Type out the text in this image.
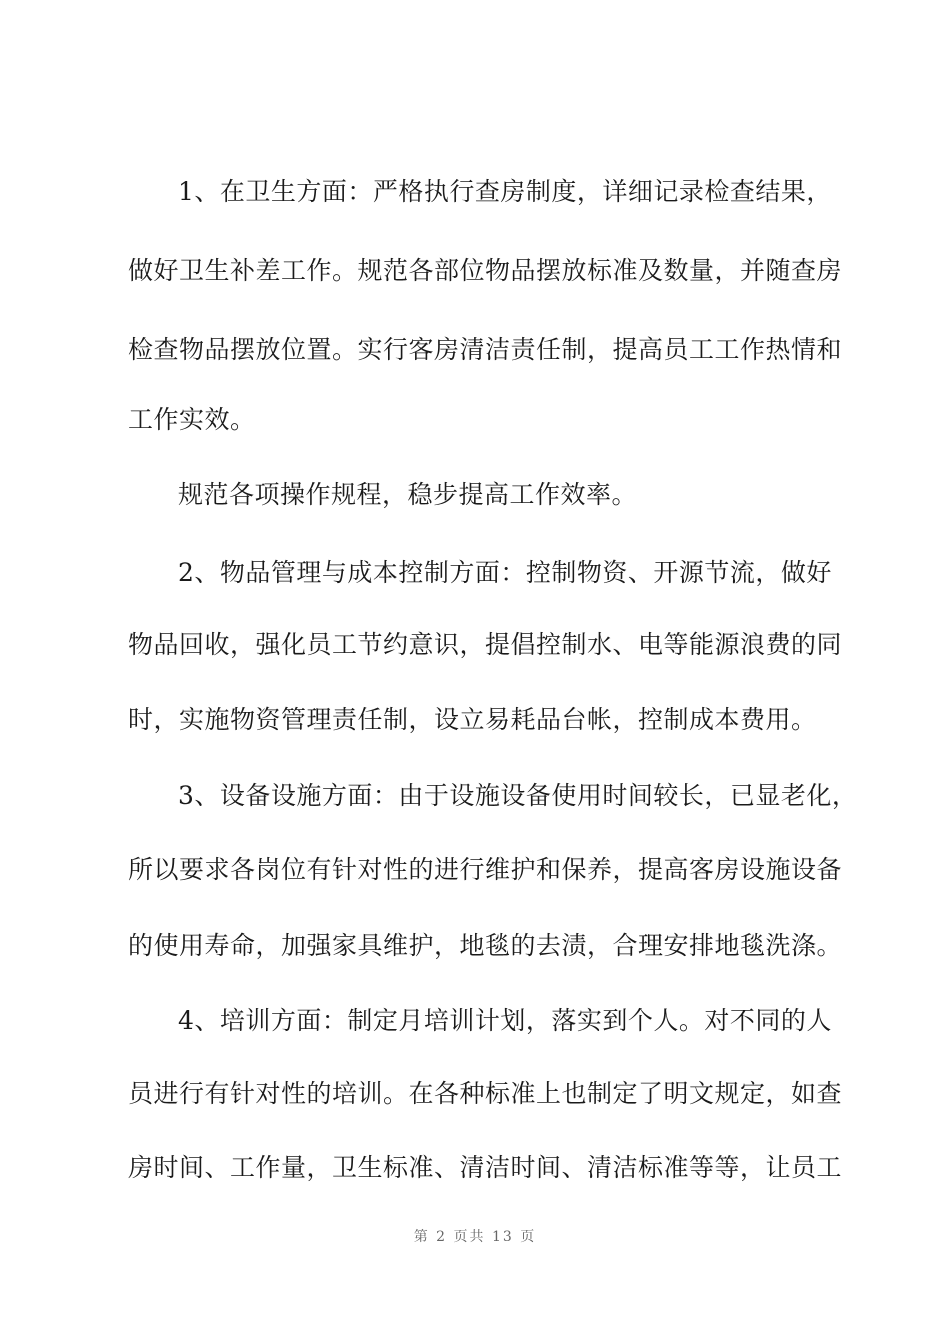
1、在卫生方面：严格执行查房制度，详细记录检查结果，
做好卫生补差工作。规范各部位物品摆放标准及数量，并随查房
检查物品摆放位置。实行客房清洁责任制，提高员工工作热情和
工作实效。
规范各项操作规程，稳步提高工作效率。
2、物品管理与成本控制方面：控制物资、开源节流，做好
物品回收，强化员工节约意识，提倡控制水、电等能源浪费的同
时，实施物资管理责任制，设立易耗品台帐，控制成本费用。
3、设备设施方面：由于设施设备使用时间较长，已显老化，
所以要求各岗位有针对性的进行维护和保养，提高客房设施设备
的使用寿命，加强家具维护，地毯的去渍，合理安排地毯洗涤。
4、培训方面：制定月培训计划，落实到个人。对不同的人
员进行有针对性的培训。在各种标准上也制定了明文规定，如查
房时间、工作量，卫生标准、清洁时间、清洁标准等等，让员工
第 2 页共 13 页
